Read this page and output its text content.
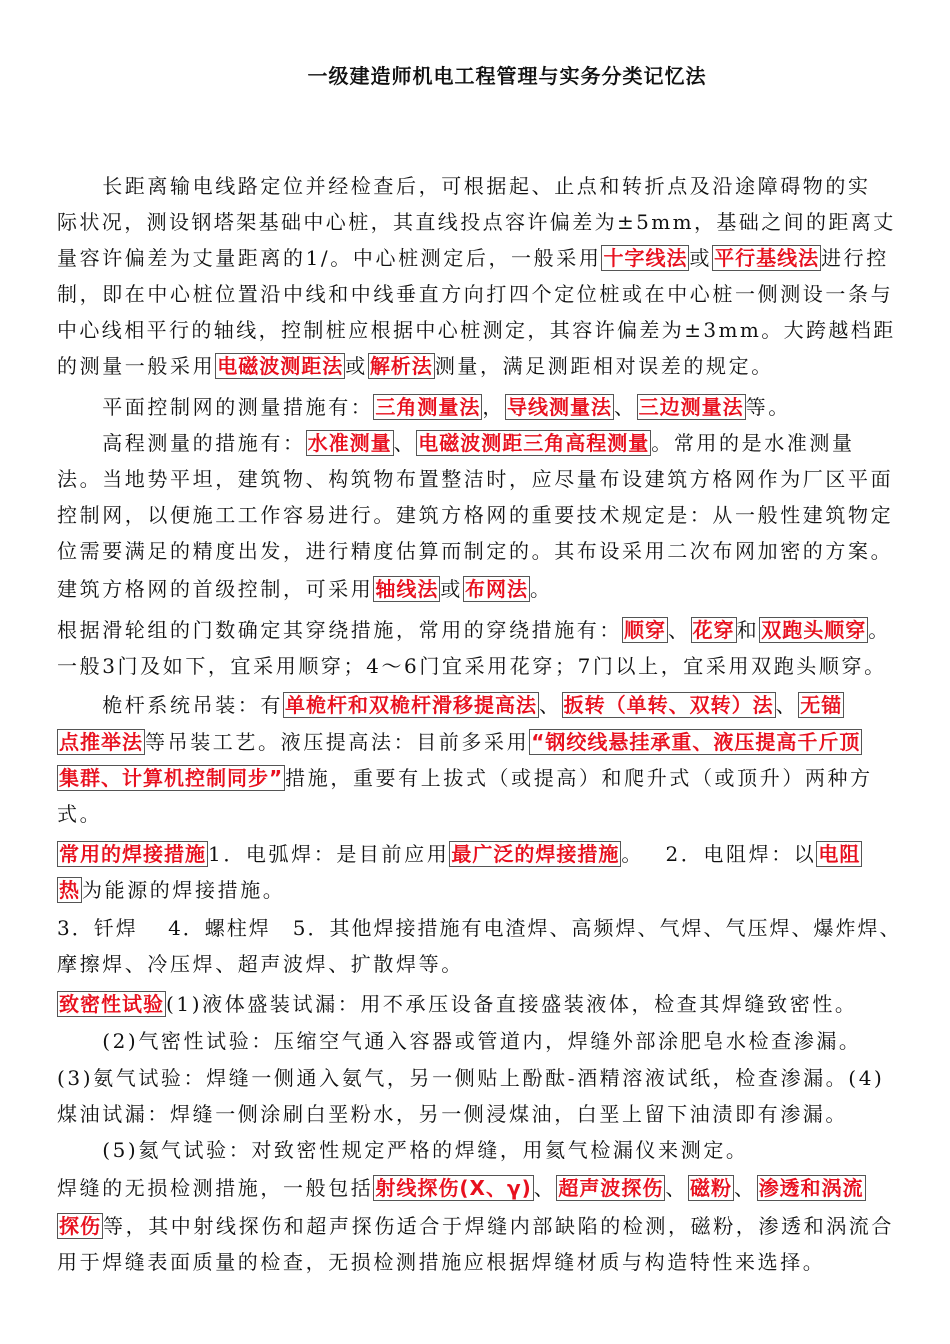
一级建造师机电工程管理与实务分类记忆法
　　长距离输电线路定位并经检查后，可根据起、止点和转折点及沿途障碍物的实
际状况，测设钢塔架基础中心桩，其直线投点容许偏差为±5mm，基础之间的距离丈
量容许偏差为丈量距离的1/。中心桩测定后，一般采用 十字线法 或 平行基线法 进行控
制，即在中心桩位置沿中线和中线垂直方向打四个定位桩或在中心桩一侧测设一条与
中心线相平行的轴线，控制桩应根据中心桩测定，其容许偏差为±3mm。大跨越档距
的测量一般采用 电磁波测距法 或 解析法 测量，满足测距相对误差的规定。
　　平面控制网的测量措施有： 三角测量法 ， 导线测量法 、 三边测量法 等。
　　高程测量的措施有： 水准测量 、 电磁波测距三角高程测量 。常用的是水准测量
法。当地势平坦，建筑物、构筑物布置整洁时，应尽量布设建筑方格网作为厂区平面
控制网，以便施工工作容易进行。建筑方格网的重要技术规定是：从一般性建筑物定
位需要满足的精度出发，进行精度估算而制定的。其布设采用二次布网加密的方案。
建筑方格网的首级控制，可采用 轴线法 或 布网法 。
根据滑轮组的门数确定其穿绕措施，常用的穿绕措施有： 顺穿 、 花穿 和 双跑头顺穿 。
一般3门及如下，宜采用顺穿；4～6门宜采用花穿；7门以上，宜采用双跑头顺穿。
　　桅杆系统吊装：有 单桅杆和双桅杆滑移提高法 、 扳转（单转、双转）法 、 无锚
点推举法 等吊装工艺。液压提高法：目前多采用 “钢绞线悬挂承重、液压提高千斤顶
集群、计算机控制同步” 措施，重要有上拔式（或提高）和爬升式（或顶升）两种方
式。
常用的焊接措施 1．电弧焊：是目前应用 最广泛的焊接措施 。　 2．电阻焊：以 电阻
热 为能源的焊接措施。
3．钎焊　 4．螺柱焊　5．其他焊接措施有电渣焊、高频焊、气焊、气压焊、爆炸焊、
摩擦焊、冷压焊、超声波焊、扩散焊等。
致密性试验 (1)液体盛装试漏：用不承压设备直接盛装液体，检查其焊缝致密性。
　　(2)气密性试验：压缩空气通入容器或管道内，焊缝外部涂肥皂水检查渗漏。
(3)氨气试验：焊缝一侧通入氨气，另一侧贴上酚酞-酒精溶液试纸，检查渗漏。(4)
煤油试漏：焊缝一侧涂刷白垩粉水，另一侧浸煤油，白垩上留下油渍即有渗漏。
　　(5)氦气试验：对致密性规定严格的焊缝，用氦气检漏仪来测定。
焊缝的无损检测措施，一般包括 射线探伤(X、γ) 、 超声波探伤 、 磁粉 、 渗透和涡流
探伤 等，其中射线探伤和超声探伤适合于焊缝内部缺陷的检测，磁粉，渗透和涡流合
用于焊缝表面质量的检查，无损检测措施应根据焊缝材质与构造特性来选择。
